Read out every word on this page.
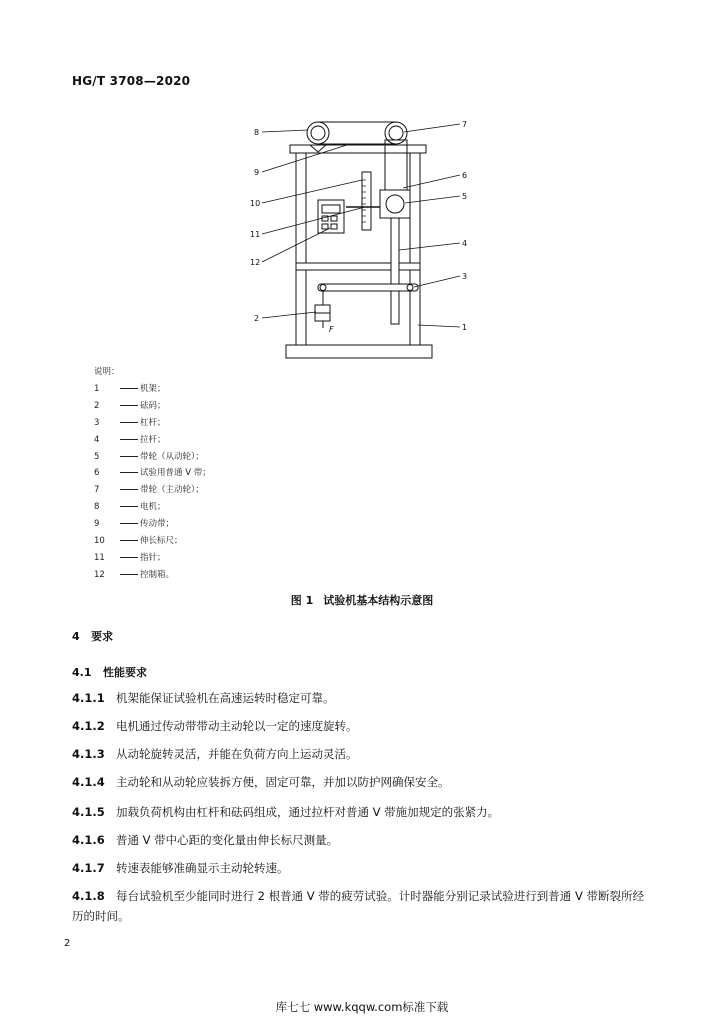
HG/T 3708—2020
8
9
10
11
12
2
7
6
5
4
3
1
F
说明：
1	机架；
2	砝码；
3	杠杆；
4	拉杆；
5	带轮（从动轮）；
6	试验用普通 V 带；
7	带轮（主动轮）；
8	电机；
9	传动带；
10	伸长标尺；
11	指针；
12	控制箱。
图 1 试验机基本结构示意图
4 要求
4.1 性能要求
4.1.1 机架能保证试验机在高速运转时稳定可靠。
4.1.2 电机通过传动带带动主动轮以一定的速度旋转。
4.1.3 从动轮旋转灵活，并能在负荷方向上运动灵活。
4.1.4 主动轮和从动轮应装拆方便，固定可靠，并加以防护网确保安全。
4.1.5 加载负荷机构由杠杆和砝码组成，通过拉杆对普通 V 带施加规定的张紧力。
4.1.6 普通 V 带中心距的变化量由伸长标尺测量。
4.1.7 转速表能够准确显示主动轮转速。
4.1.8 每台试验机至少能同时进行 2 根普通 V 带的疲劳试验。计时器能分别记录试验进行到普通 V 带断裂所经历的时间。
2
库七七 www.kqqw.com标准下载
